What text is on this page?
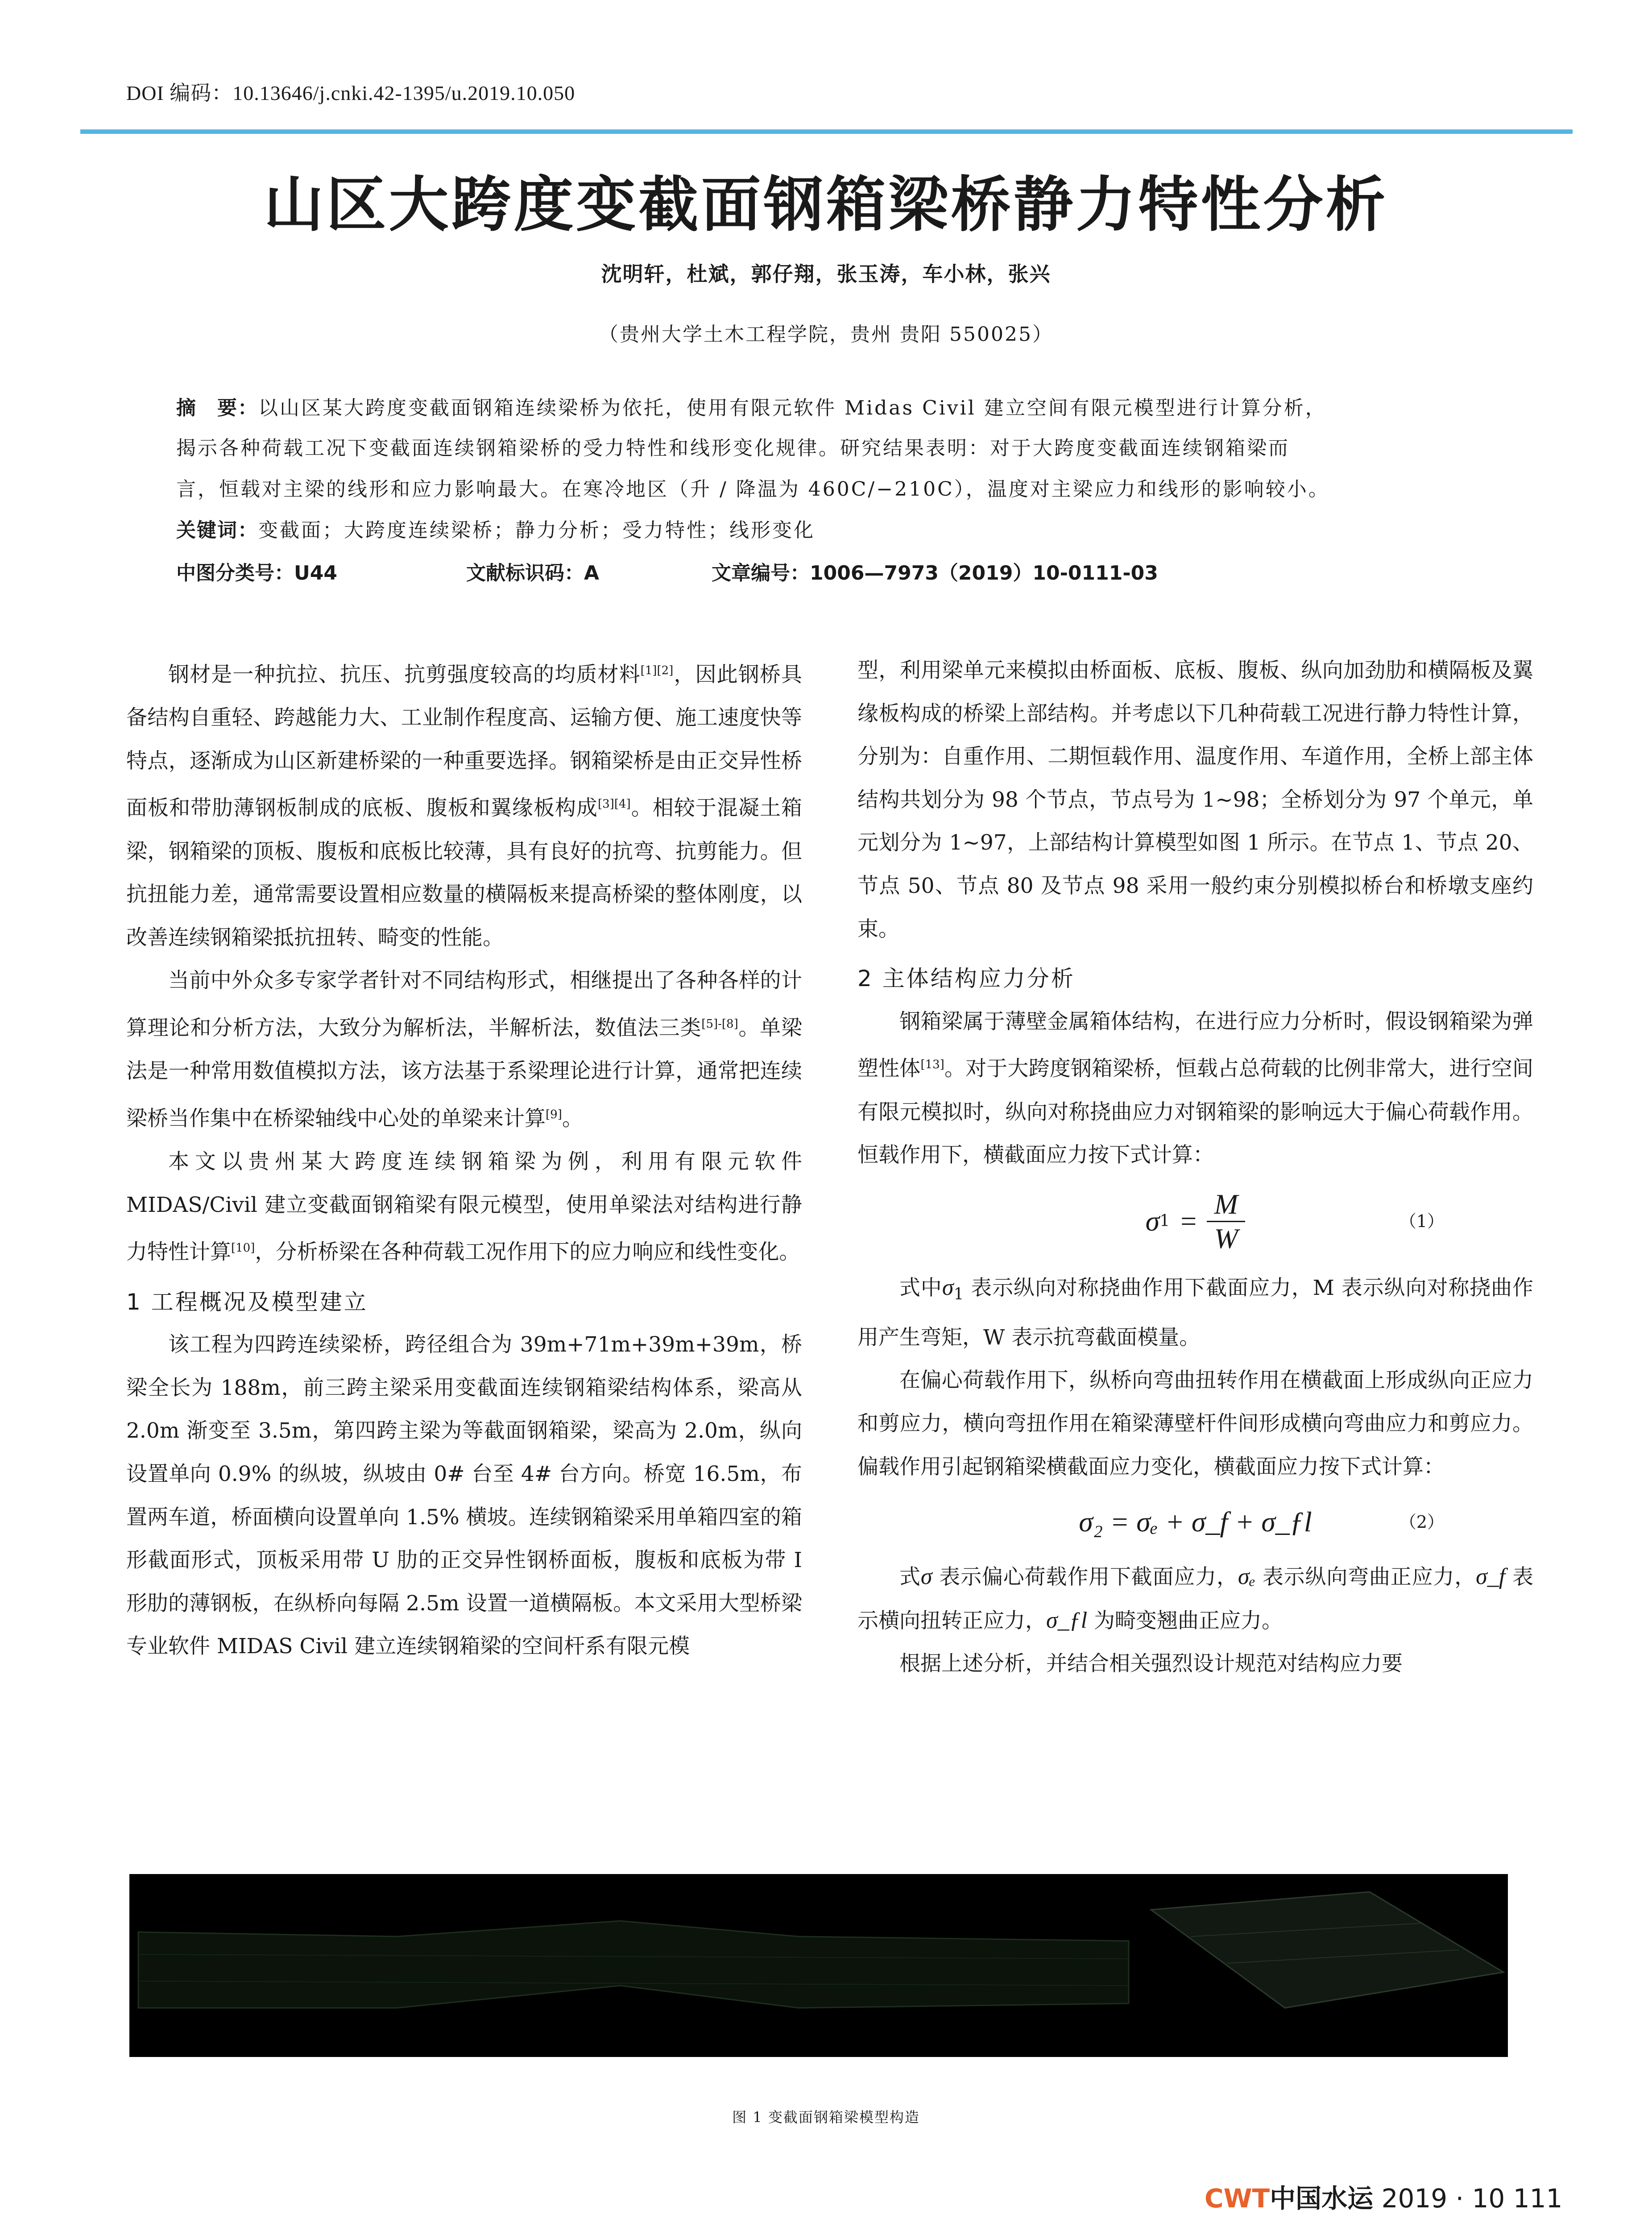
DOI 编码：10.13646/j.cnki.42-1395/u.2019.10.050
山区大跨度变截面钢箱梁桥静力特性分析
沈明轩，杜斌，郭仔翔，张玉涛，车小林，张兴
（贵州大学土木工程学院，贵州 贵阳 550025）
摘　要：以山区某大跨度变截面钢箱连续梁桥为依托，使用有限元软件 Midas Civil 建立空间有限元模型进行计算分析，
揭示各种荷载工况下变截面连续钢箱梁桥的受力特性和线形变化规律。研究结果表明：对于大跨度变截面连续钢箱梁而
言，恒载对主梁的线形和应力影响最大。在寒冷地区（升 / 降温为 460C/−210C），温度对主梁应力和线形的影响较小。
关键词：变截面；大跨度连续梁桥；静力分析；受力特性；线形变化
中图分类号：U44	文献标识码：A	文章编号：1006—7973（2019）10-0111-03

钢材是一种抗拉、抗压、抗剪强度较高的均质材料[1][2]，因此钢桥具备结构自重轻、跨越能力大、工业制作程度高、运输方便、施工速度快等特点，逐渐成为山区新建桥梁的一种重要选择。钢箱梁桥是由正交异性桥面板和带肋薄钢板制成的底板、腹板和翼缘板构成[3][4]。相较于混凝土箱梁，钢箱梁的顶板、腹板和底板比较薄，具有良好的抗弯、抗剪能力。但抗扭能力差，通常需要设置相应数量的横隔板来提高桥梁的整体刚度，以改善连续钢箱梁抵抗扭转、畸变的性能。

当前中外众多专家学者针对不同结构形式，相继提出了各种各样的计算理论和分析方法，大致分为解析法，半解析法，数值法三类[5]-[8]。单梁法是一种常用数值模拟方法，该方法基于系梁理论进行计算，通常把连续梁桥当作集中在桥梁轴线中心处的单梁来计算[9]。

本文以贵州某大跨度连续钢箱梁为例，利用有限元软件 MIDAS/Civil 建立变截面钢箱梁有限元模型，使用单梁法对结构进行静力特性计算[10]，分析桥梁在各种荷载工况作用下的应力响应和线性变化。

1 工程概况及模型建立

该工程为四跨连续梁桥，跨径组合为 39m+71m+39m+39m，桥梁全长为 188m，前三跨主梁采用变截面连续钢箱梁结构体系，梁高从 2.0m 渐变至 3.5m，第四跨主梁为等截面钢箱梁，梁高为 2.0m，纵向设置单向 0.9% 的纵坡，纵坡由 0# 台至 4# 台方向。桥宽 16.5m，布置两车道，桥面横向设置单向 1.5% 横坡。连续钢箱梁采用单箱四室的箱形截面形式，顶板采用带 U 肋的正交异性钢桥面板，腹板和底板为带 I 形肋的薄钢板，在纵桥向每隔 2.5m 设置一道横隔板。本文采用大型桥梁专业软件 MIDAS Civil 建立连续钢箱梁的空间杆系有限元模

型，利用梁单元来模拟由桥面板、底板、腹板、纵向加劲肋和横隔板及翼缘板构成的桥梁上部结构。并考虑以下几种荷载工况进行静力特性计算，分别为：自重作用、二期恒载作用、温度作用、车道作用，全桥上部主体结构共划分为 98 个节点，节点号为 1~98；全桥划分为 97 个单元，单元划分为 1~97，上部结构计算模型如图 1 所示。在节点 1、节点 20、节点 50、节点 80 及节点 98 采用一般约束分别模拟桥台和桥墩支座约束。

2 主体结构应力分析

钢箱梁属于薄壁金属箱体结构，在进行应力分析时，假设钢箱梁为弹塑性体[13]。对于大跨度钢箱梁桥，恒载占总荷载的比例非常大，进行空间有限元模拟时，纵向对称挠曲应力对钢箱梁的影响远大于偏心荷载作用。恒载作用下，横截面应力按下式计算：

σ $1 = \frac{M}{W}$	（1）

式中$\sigma_1$ 表示纵向对称挠曲作用下截面应力，M 表示纵向对称挠曲作用产生弯矩，W 表示抗弯截面模量。

在偏心荷载作用下，纵桥向弯曲扭转作用在横截面上形成纵向正应力和剪应力，横向弯扭作用在箱梁薄壁杆件间形成横向弯曲应力和剪应力。偏载作用引起钢箱梁横截面应力变化，横截面应力按下式计算：

σ₂ = σₑ + σ_f + σ_ƒl	（2）

式σ 表示偏心荷载作用下截面应力，σₑ 表示纵向弯曲正应力，σ_f 表示横向扭转正应力，σ_ƒl 为畸变翘曲正应力。

根据上述分析，并结合相关强烈设计规范对结构应力要

图 1 变截面钢箱梁模型构造
CWT中国水运 2019 · 10 111
